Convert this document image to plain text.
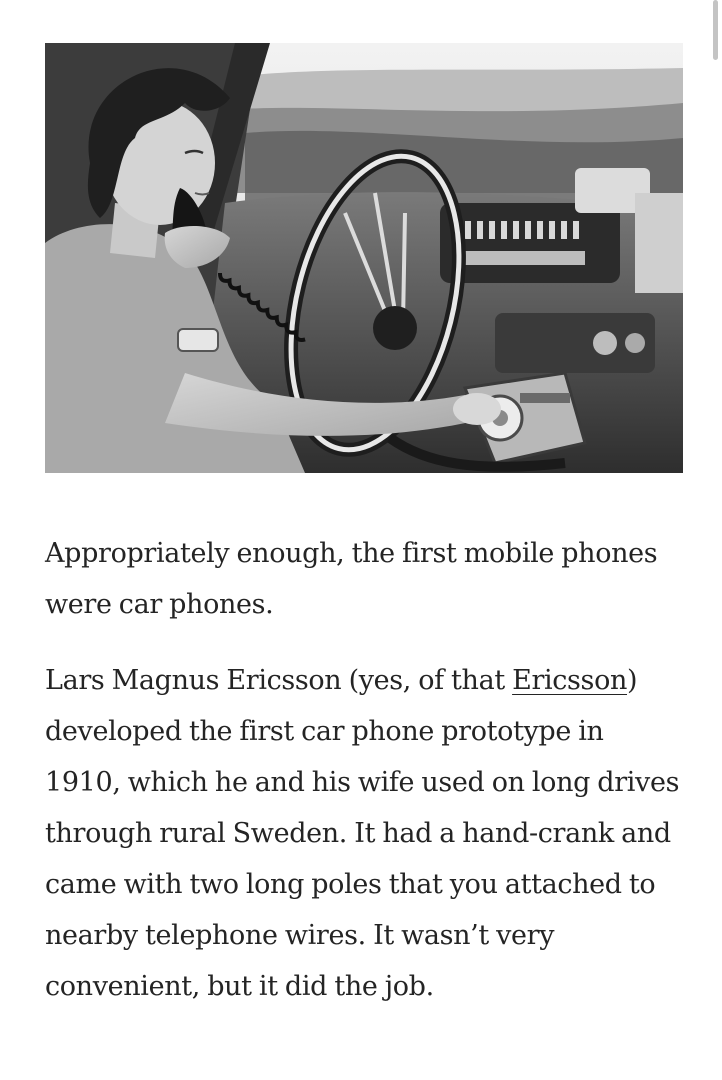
Appropriately enough, the first mobile phones were car phones.

Lars Magnus Ericsson (yes, of that Ericsson) developed the first car phone prototype in 1910, which he and his wife used on long drives through rural Sweden. It had a hand-crank and came with two long poles that you attached to nearby telephone wires. It wasn’t very convenient, but it did the job.
